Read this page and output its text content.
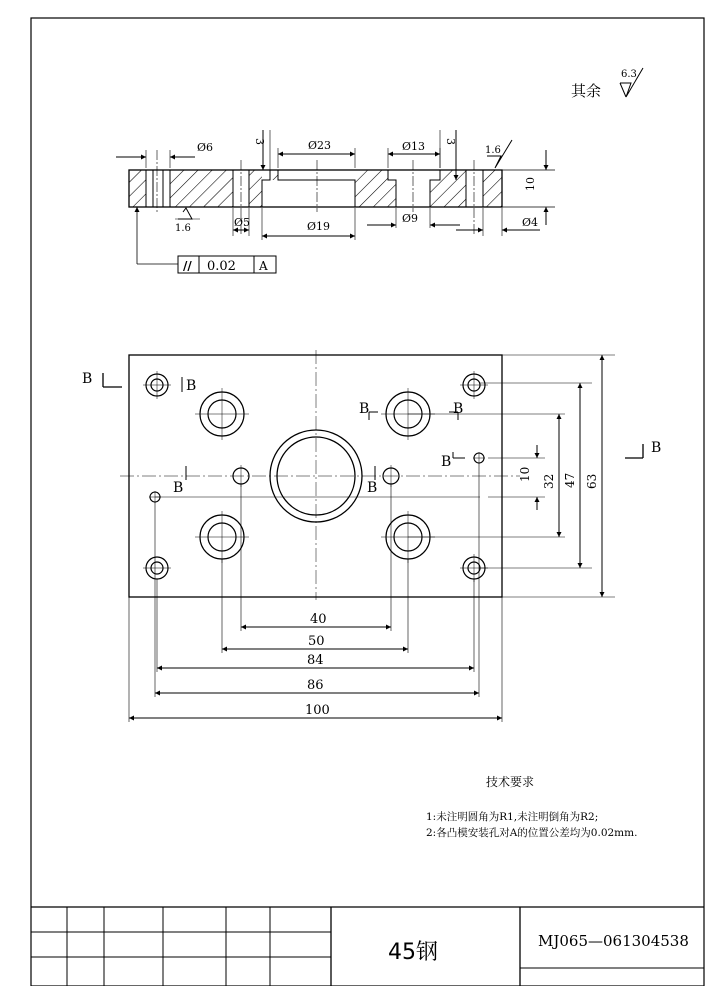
其余
6.3
Ø6	3	Ø23	Ø13 3
1.6
10
1.6	Ø5	Ø19
Ø9	Ø4
// 0.02 A
B
B
B
B	B
B
B	B
B
10 32 47 63
40
50
84
86
100
技术要求
1:未注明圆角为R1,未注明倒角为R2;
2:各凸模安装孔对A的位置公差均为0.02mm.
45钢	MJ065—061304538
